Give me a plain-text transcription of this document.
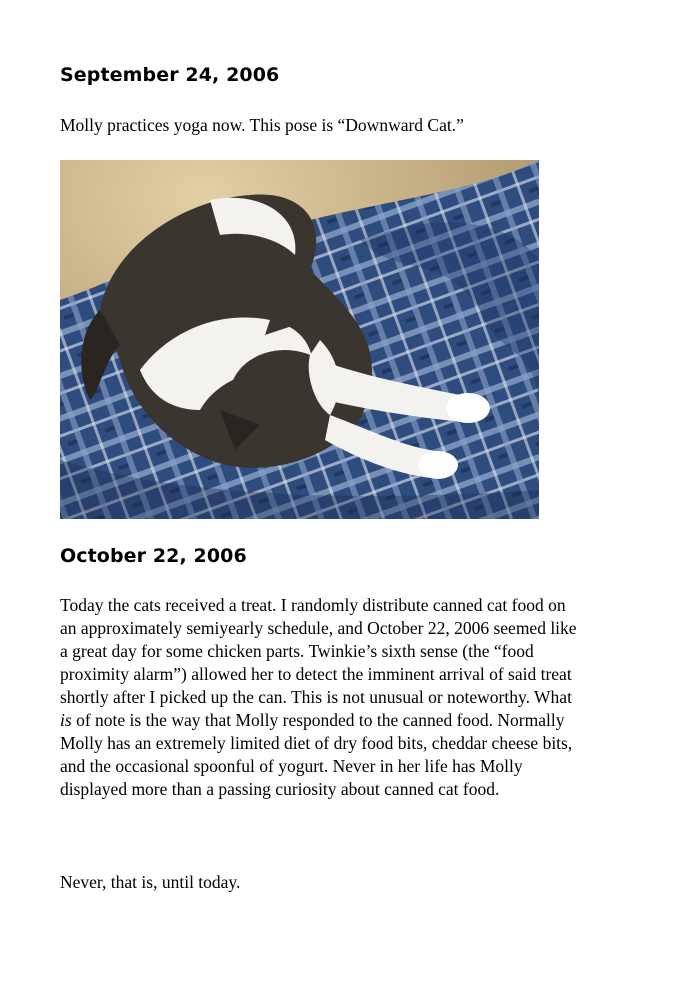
September 24, 2006

Molly practices yoga now. This pose is “Downward Cat.”

October 22, 2006

Today the cats received a treat. I randomly distribute canned cat food on an approximately semiyearly schedule, and October 22, 2006 seemed like a great day for some chicken parts. Twinkie’s sixth sense (the “food proximity alarm”) allowed her to detect the imminent arrival of said treat shortly after I picked up the can. This is not unusual or noteworthy. What is of note is the way that Molly responded to the canned food. Normally Molly has an extremely limited diet of dry food bits, cheddar cheese bits, and the occasional spoonful of yogurt. Never in her life has Molly displayed more than a passing curiosity about canned cat food.

Never, that is, until today.
